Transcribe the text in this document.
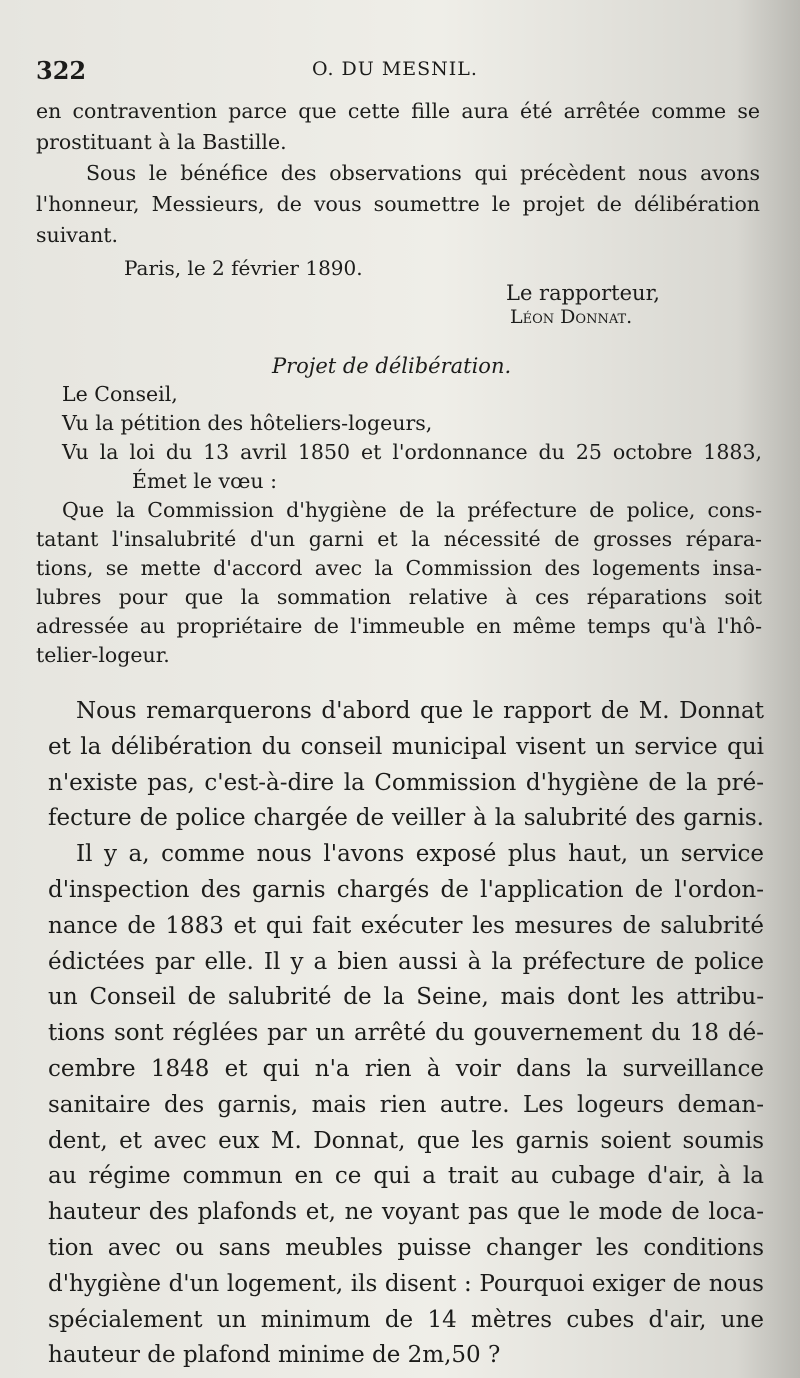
322	O. DU MESNIL.
en contravention parce que cette fille aura été arrêtée comme se
prostituant à la Bastille.
Sous le bénéfice des observations qui précèdent nous avons
l'honneur, Messieurs, de vous soumettre le projet de délibération
suivant.
Paris, le 2 février 1890.
Le rapporteur,
Léon Donnat.
Projet de délibération.
Le Conseil,
Vu la pétition des hôteliers-logeurs,
Vu la loi du 13 avril 1850 et l'ordonnance du 25 octobre 1883,
Émet le vœu :
Que la Commission d'hygiène de la préfecture de police, cons-
tatant l'insalubrité d'un garni et la nécessité de grosses répara-
tions, se mette d'accord avec la Commission des logements insa-
lubres pour que la sommation relative à ces réparations soit
adressée au propriétaire de l'immeuble en même temps qu'à l'hô-
telier-logeur.
Nous remarquerons d'abord que le rapport de M. Donnat
et la délibération du conseil municipal visent un service qui
n'existe pas, c'est-à-dire la Commission d'hygiène de la pré-
fecture de police chargée de veiller à la salubrité des garnis.
Il y a, comme nous l'avons exposé plus haut, un service
d'inspection des garnis chargés de l'application de l'ordon-
nance de 1883 et qui fait exécuter les mesures de salubrité
édictées par elle. Il y a bien aussi à la préfecture de police
un Conseil de salubrité de la Seine, mais dont les attribu-
tions sont réglées par un arrêté du gouvernement du 18 dé-
cembre 1848 et qui n'a rien à voir dans la surveillance
sanitaire des garnis, mais rien autre. Les logeurs deman-
dent, et avec eux M. Donnat, que les garnis soient soumis
au régime commun en ce qui a trait au cubage d'air, à la
hauteur des plafonds et, ne voyant pas que le mode de loca-
tion avec ou sans meubles puisse changer les conditions
d'hygiène d'un logement, ils disent : Pourquoi exiger de nous
spécialement un minimum de 14 mètres cubes d'air, une
hauteur de plafond minime de 2m,50 ?
